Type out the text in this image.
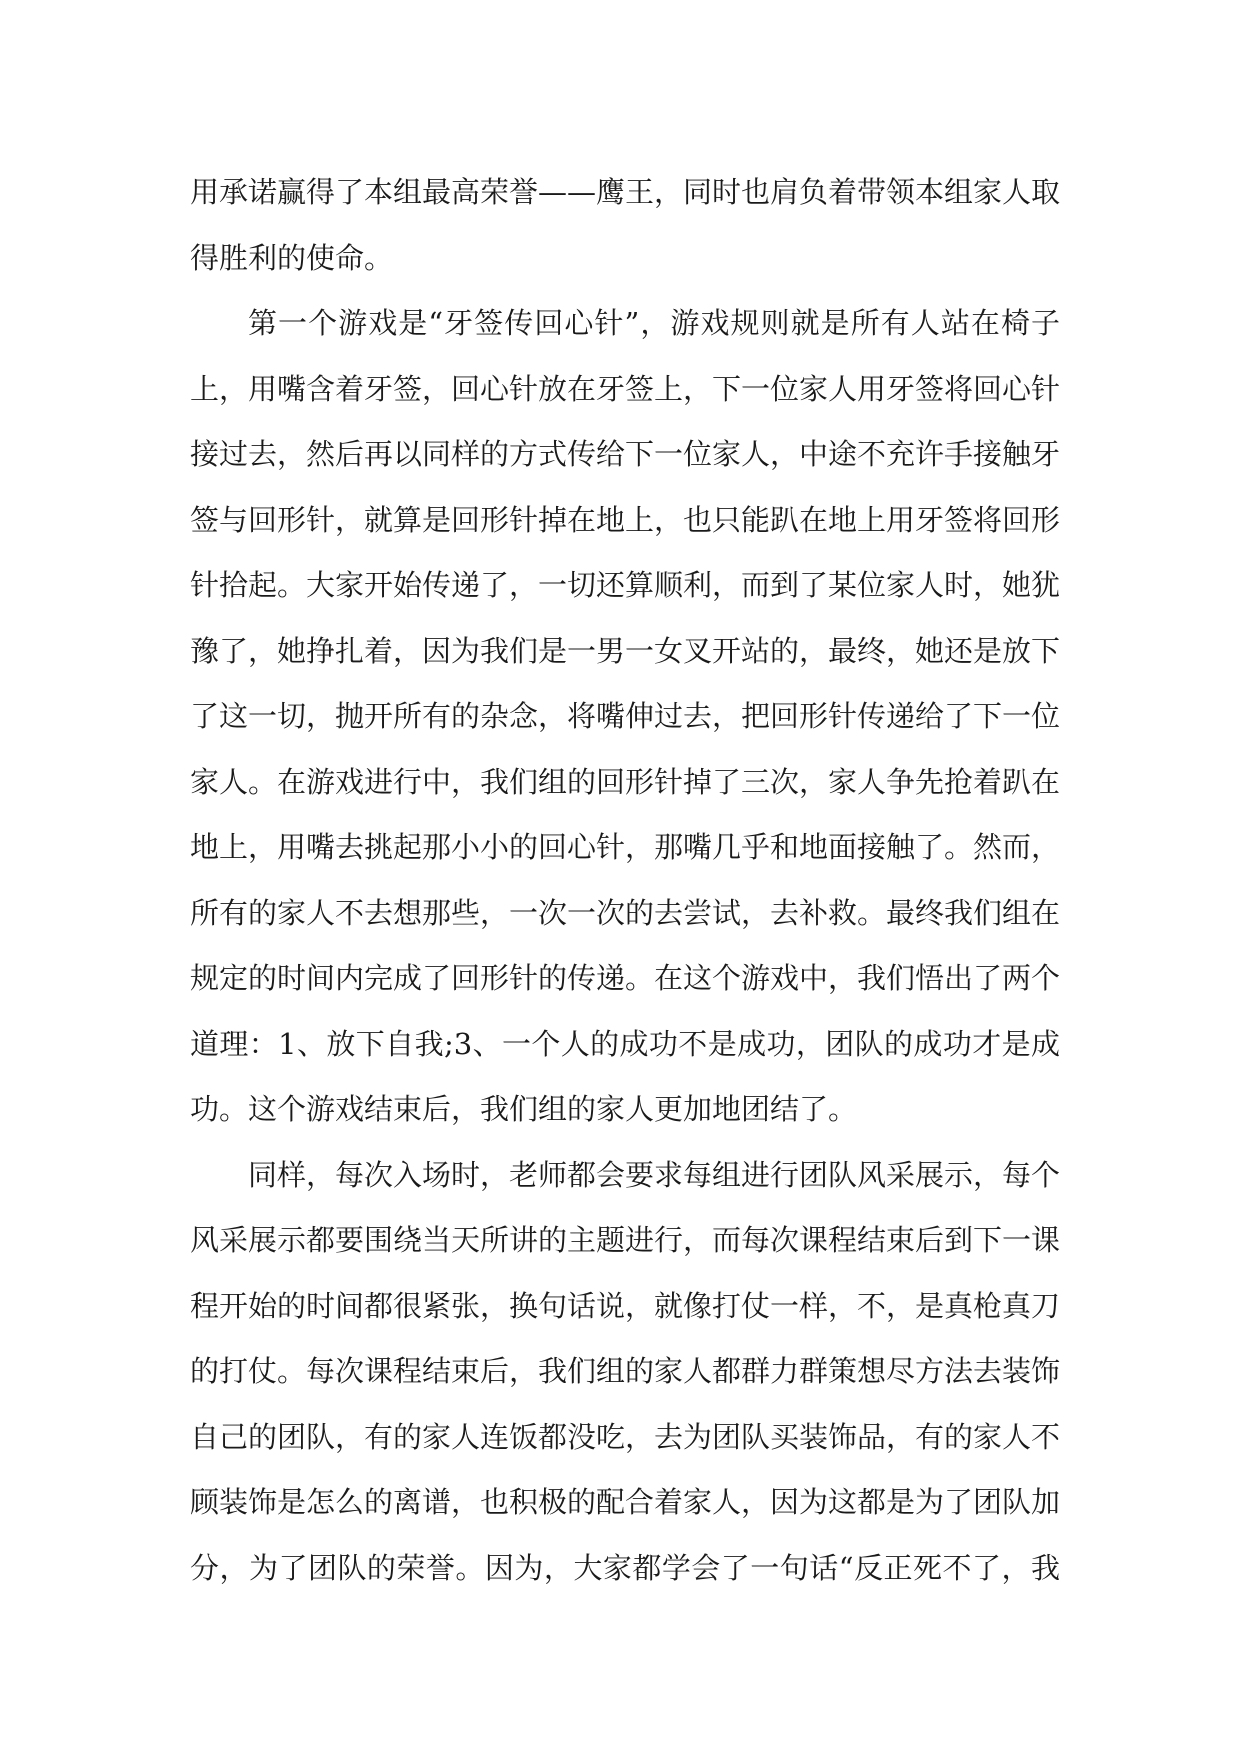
用承诺赢得了本组最高荣誉——鹰王，同时也肩负着带领本组家人取
得胜利的使命。
第一个游戏是“牙签传回心针”，游戏规则就是所有人站在椅子
上，用嘴含着牙签，回心针放在牙签上，下一位家人用牙签将回心针
接过去，然后再以同样的方式传给下一位家人，中途不充许手接触牙
签与回形针，就算是回形针掉在地上，也只能趴在地上用牙签将回形
针拾起。大家开始传递了，一切还算顺利，而到了某位家人时，她犹
豫了，她挣扎着，因为我们是一男一女叉开站的，最终，她还是放下
了这一切，抛开所有的杂念，将嘴伸过去，把回形针传递给了下一位
家人。在游戏进行中，我们组的回形针掉了三次，家人争先抢着趴在
地上，用嘴去挑起那小小的回心针，那嘴几乎和地面接触了。然而，
所有的家人不去想那些，一次一次的去尝试，去补救。最终我们组在
规定的时间内完成了回形针的传递。在这个游戏中，我们悟出了两个
道理：1、放下自我;3、一个人的成功不是成功，团队的成功才是成
功。这个游戏结束后，我们组的家人更加地团结了。
同样，每次入场时，老师都会要求每组进行团队风采展示，每个
风采展示都要围绕当天所讲的主题进行，而每次课程结束后到下一课
程开始的时间都很紧张，换句话说，就像打仗一样，不，是真枪真刀
的打仗。每次课程结束后，我们组的家人都群力群策想尽方法去装饰
自己的团队，有的家人连饭都没吃，去为团队买装饰品，有的家人不
顾装饰是怎么的离谱，也积极的配合着家人，因为这都是为了团队加
分，为了团队的荣誉。因为，大家都学会了一句话“反正死不了，我
